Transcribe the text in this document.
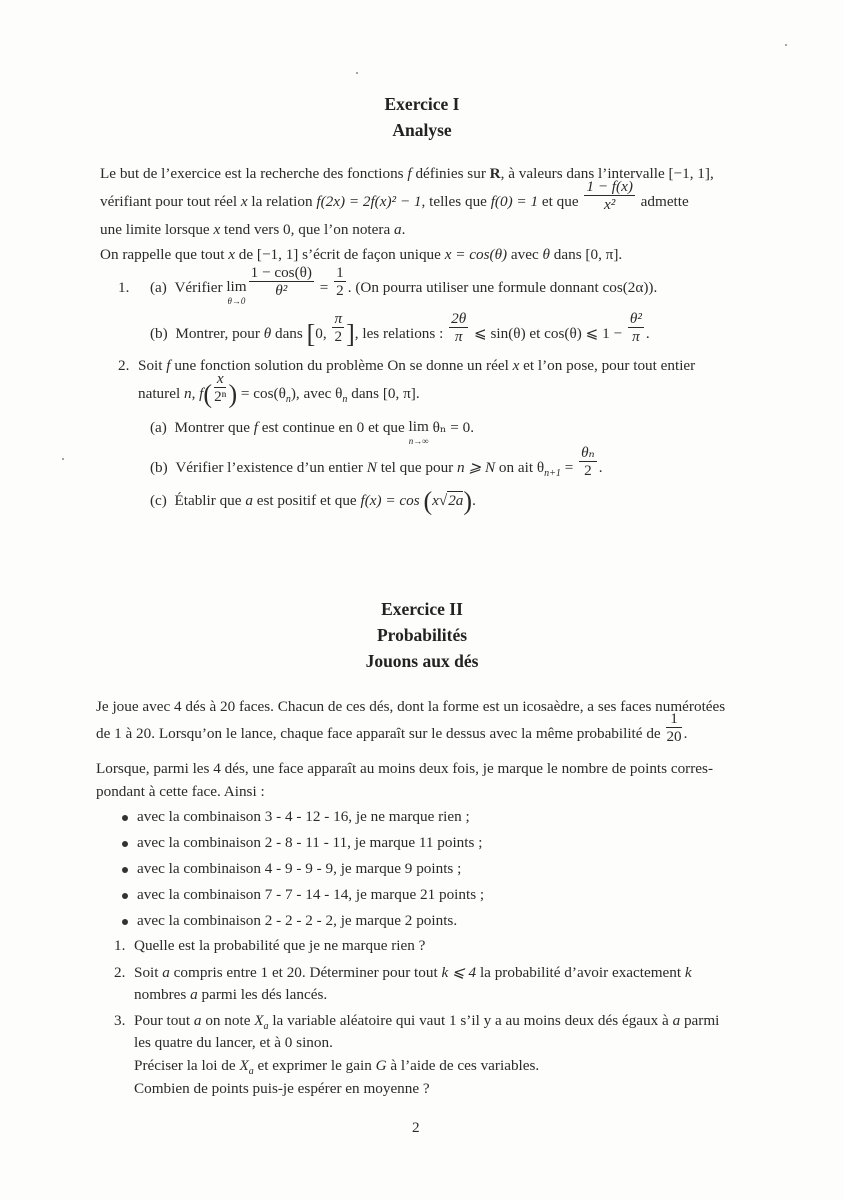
Exercice I
Analyse
Le but de l’exercice est la recherche des fonctions f définies sur R, à valeurs dans l’intervalle [−1, 1],
vérifiant pour tout réel x la relation f(2x) = 2f(x)² − 1, telles que f(0) = 1 et que $\frac{1 - f(x)}{\text{x²}}$ admette
une limite lorsque x tend vers 0, que l’on notera a.
On rappelle que tout x de [−1, 1] s’écrit de façon unique x = cos(θ) avec θ dans [0, π].
1. (a) Vérifier lim
θ→0
$\frac{1 - \cos(\theta)}{\text{θ²}} = \frac{1}{2}$ . (On pourra utiliser une formule donnant cos(2α)).
(b) Montrer, pour θ dans [0, $\frac{\pi}{2}$ ], les relations : $\frac{2\theta}{\pi}$ ⩽ sin(θ) et cos(θ) ⩽ $1 - \frac{\text{θ²}}{\pi}$ .
2. Soit f une fonction solution du problème On se donne un réel x et l’on pose, pour tout entier
naturel n, $f( \frac{x}{\text{2ⁿ}}$ ) = $\cos(\theta_n)$, avec $\theta_n$ dans [0, π].
(a) Montrer que f est continue en 0 et que lim
n→∞
θₙ = 0.
(b) Vérifier l’existence d’un entier N tel que pour n ⩾ N on ait $\theta_{n+1} = \frac{\text{θₙ}}{2}$ .
(c) Établir que a est positif et que f(x) = cos (x√2a).
Exercice II
Probabilités
Jouons aux dés
Je joue avec 4 dés à 20 faces. Chacun de ces dés, dont la forme est un icosaèdre, a ses faces numérotées
de 1 à 20. Lorsqu’on le lance, chaque face apparaît sur le dessus avec la même probabilité de $\frac{1}{20}$ .
Lorsque, parmi les 4 dés, une face apparaît au moins deux fois, je marque le nombre de points corres-
pondant à cette face. Ainsi :
avec la combinaison 3 - 4 - 12 - 16, je ne marque rien ;
avec la combinaison 2 - 8 - 11 - 11, je marque 11 points ;
avec la combinaison 4 - 9 - 9 - 9, je marque 9 points ;
avec la combinaison 7 - 7 - 14 - 14, je marque 21 points ;
avec la combinaison 2 - 2 - 2 - 2, je marque 2 points.
1. Quelle est la probabilité que je ne marque rien ?
2. Soit a compris entre 1 et 20. Déterminer pour tout k ⩽ 4 la probabilité d’avoir exactement k
nombres a parmi les dés lancés.
3. Pour tout a on note $X_a$ la variable aléatoire qui vaut 1 s’il y a au moins deux dés égaux à a parmi
les quatre du lancer, et à 0 sinon.
Préciser la loi de $X_a$ et exprimer le gain G à l’aide de ces variables.
Combien de points puis-je espérer en moyenne ?
2
